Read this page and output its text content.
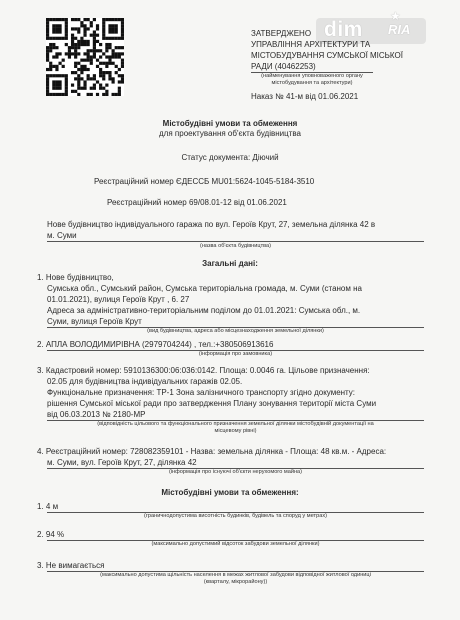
dim
★
RIA
ЗАТВЕРДЖЕНО
УПРАВЛІННЯ АРХІТЕКТУРИ ТА
МІСТОБУДУВАННЯ СУМСЬКОЇ МІСЬКОЇ
РАДИ (40462253)
(найменування уповноваженого органу
містобудування та архітектури)
Наказ № 41-м від 01.06.2021
Містобудівні умови та обмеження
для проектування об'єкта будівництва
Статус документа: Діючий
Реєстраційний номер ЄДЕССБ MU01:5624-1045-5184-3510
Реєстраційний номер 69/08.01-12 від 01.06.2021
Нове будівництво індивідуального гаража по вул. Героїв Крут, 27, земельна ділянка 42 в
м. Суми
(назва об'єкта будівництва)
Загальні дані:
1. Нове будівництво,
Сумська обл., Сумський район, Сумська територіальна громада, м. Суми (станом на
01.01.2021), вулиця Героїв Крут , 6. 27
Адреса за адміністративно-територіальним поділом до 01.01.2021: Сумська обл., м.
Суми, вулиця Героїв Крут
(вид будівництва, адреса або місцезнаходження земельної ділянки)
2. АПЛА ВОЛОДИМИРІВНА (2979704244) , тел.:+380506913616
(інформація про замовника)
3. Кадастровий номер: 5910136300:06:036:0142. Площа: 0.0046 га. Цільове призначення:
02.05 для будівництва індивідуальних гаражів 02.05.
Функціональне призначення: ТР-1 Зона залізничного транспорту згідно документу:
рішення Сумської міської ради про затвердження Плану зонування території міста Суми
від 06.03.2013 № 2180-МР
(відповідність цільового та функціонального призначення земельної ділянки містобудівній документації на
місцевому рівні)
4. Реєстраційний номер: 728082359101 - Назва: земельна ділянка - Площа: 48 кв.м. - Адреса:
м. Суми, вул. Героїв Крут, 27, ділянка 42
(інформація про існуючі об'єкти нерухомого майна)
Містобудівні умови та обмеження:
1. 4 м
(граничнодопустима висотність будинків, будівель та споруд у метрах)
2. 94 %
(максимально допустимий відсоток забудови земельної ділянки)
3. Не вимагається
(максимально допустима щільність населення в межах житлової забудови відповідної житлової одиниці
(кварталу, мікрорайону))
